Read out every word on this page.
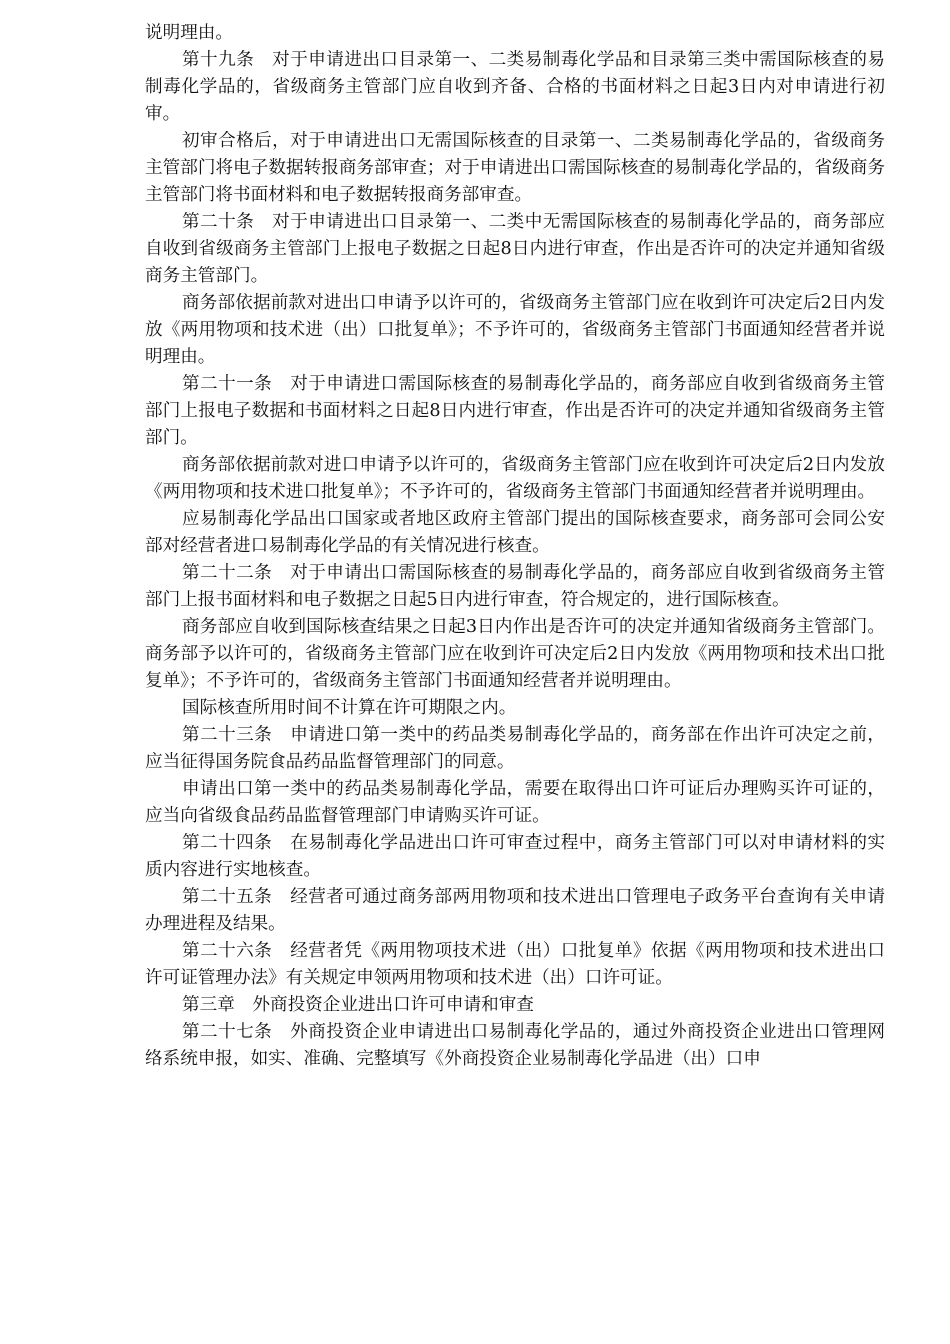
说明理由。

第十九条　对于申请进出口目录第一、二类易制毒化学品和目录第三类中需国际核查的易制毒化学品的，省级商务主管部门应自收到齐备、合格的书面材料之日起3日内对申请进行初审。

初审合格后，对于申请进出口无需国际核查的目录第一、二类易制毒化学品的，省级商务主管部门将电子数据转报商务部审查；对于申请进出口需国际核查的易制毒化学品的，省级商务主管部门将书面材料和电子数据转报商务部审查。

第二十条　对于申请进出口目录第一、二类中无需国际核查的易制毒化学品的，商务部应自收到省级商务主管部门上报电子数据之日起8日内进行审查，作出是否许可的决定并通知省级商务主管部门。

商务部依据前款对进出口申请予以许可的，省级商务主管部门应在收到许可决定后2日内发放《两用物项和技术进（出）口批复单》；不予许可的，省级商务主管部门书面通知经营者并说明理由。

第二十一条　对于申请进口需国际核查的易制毒化学品的，商务部应自收到省级商务主管部门上报电子数据和书面材料之日起8日内进行审查，作出是否许可的决定并通知省级商务主管部门。

商务部依据前款对进口申请予以许可的，省级商务主管部门应在收到许可决定后2日内发放《两用物项和技术进口批复单》；不予许可的，省级商务主管部门书面通知经营者并说明理由。

应易制毒化学品出口国家或者地区政府主管部门提出的国际核查要求，商务部可会同公安部对经营者进口易制毒化学品的有关情况进行核查。

第二十二条　对于申请出口需国际核查的易制毒化学品的，商务部应自收到省级商务主管部门上报书面材料和电子数据之日起5日内进行审查，符合规定的，进行国际核查。

商务部应自收到国际核查结果之日起3日内作出是否许可的决定并通知省级商务主管部门。商务部予以许可的，省级商务主管部门应在收到许可决定后2日内发放《两用物项和技术出口批复单》；不予许可的，省级商务主管部门书面通知经营者并说明理由。

国际核查所用时间不计算在许可期限之内。

第二十三条　申请进口第一类中的药品类易制毒化学品的，商务部在作出许可决定之前，应当征得国务院食品药品监督管理部门的同意。

申请出口第一类中的药品类易制毒化学品，需要在取得出口许可证后办理购买许可证的，应当向省级食品药品监督管理部门申请购买许可证。

第二十四条　在易制毒化学品进出口许可审查过程中，商务主管部门可以对申请材料的实质内容进行实地核查。

第二十五条　经营者可通过商务部两用物项和技术进出口管理电子政务平台查询有关申请办理进程及结果。

第二十六条　经营者凭《两用物项技术进（出）口批复单》依据《两用物项和技术进出口许可证管理办法》有关规定申领两用物项和技术进（出）口许可证。

第三章　外商投资企业进出口许可申请和审查

第二十七条　外商投资企业申请进出口易制毒化学品的，通过外商投资企业进出口管理网络系统申报，如实、准确、完整填写《外商投资企业易制毒化学品进（出）口申
